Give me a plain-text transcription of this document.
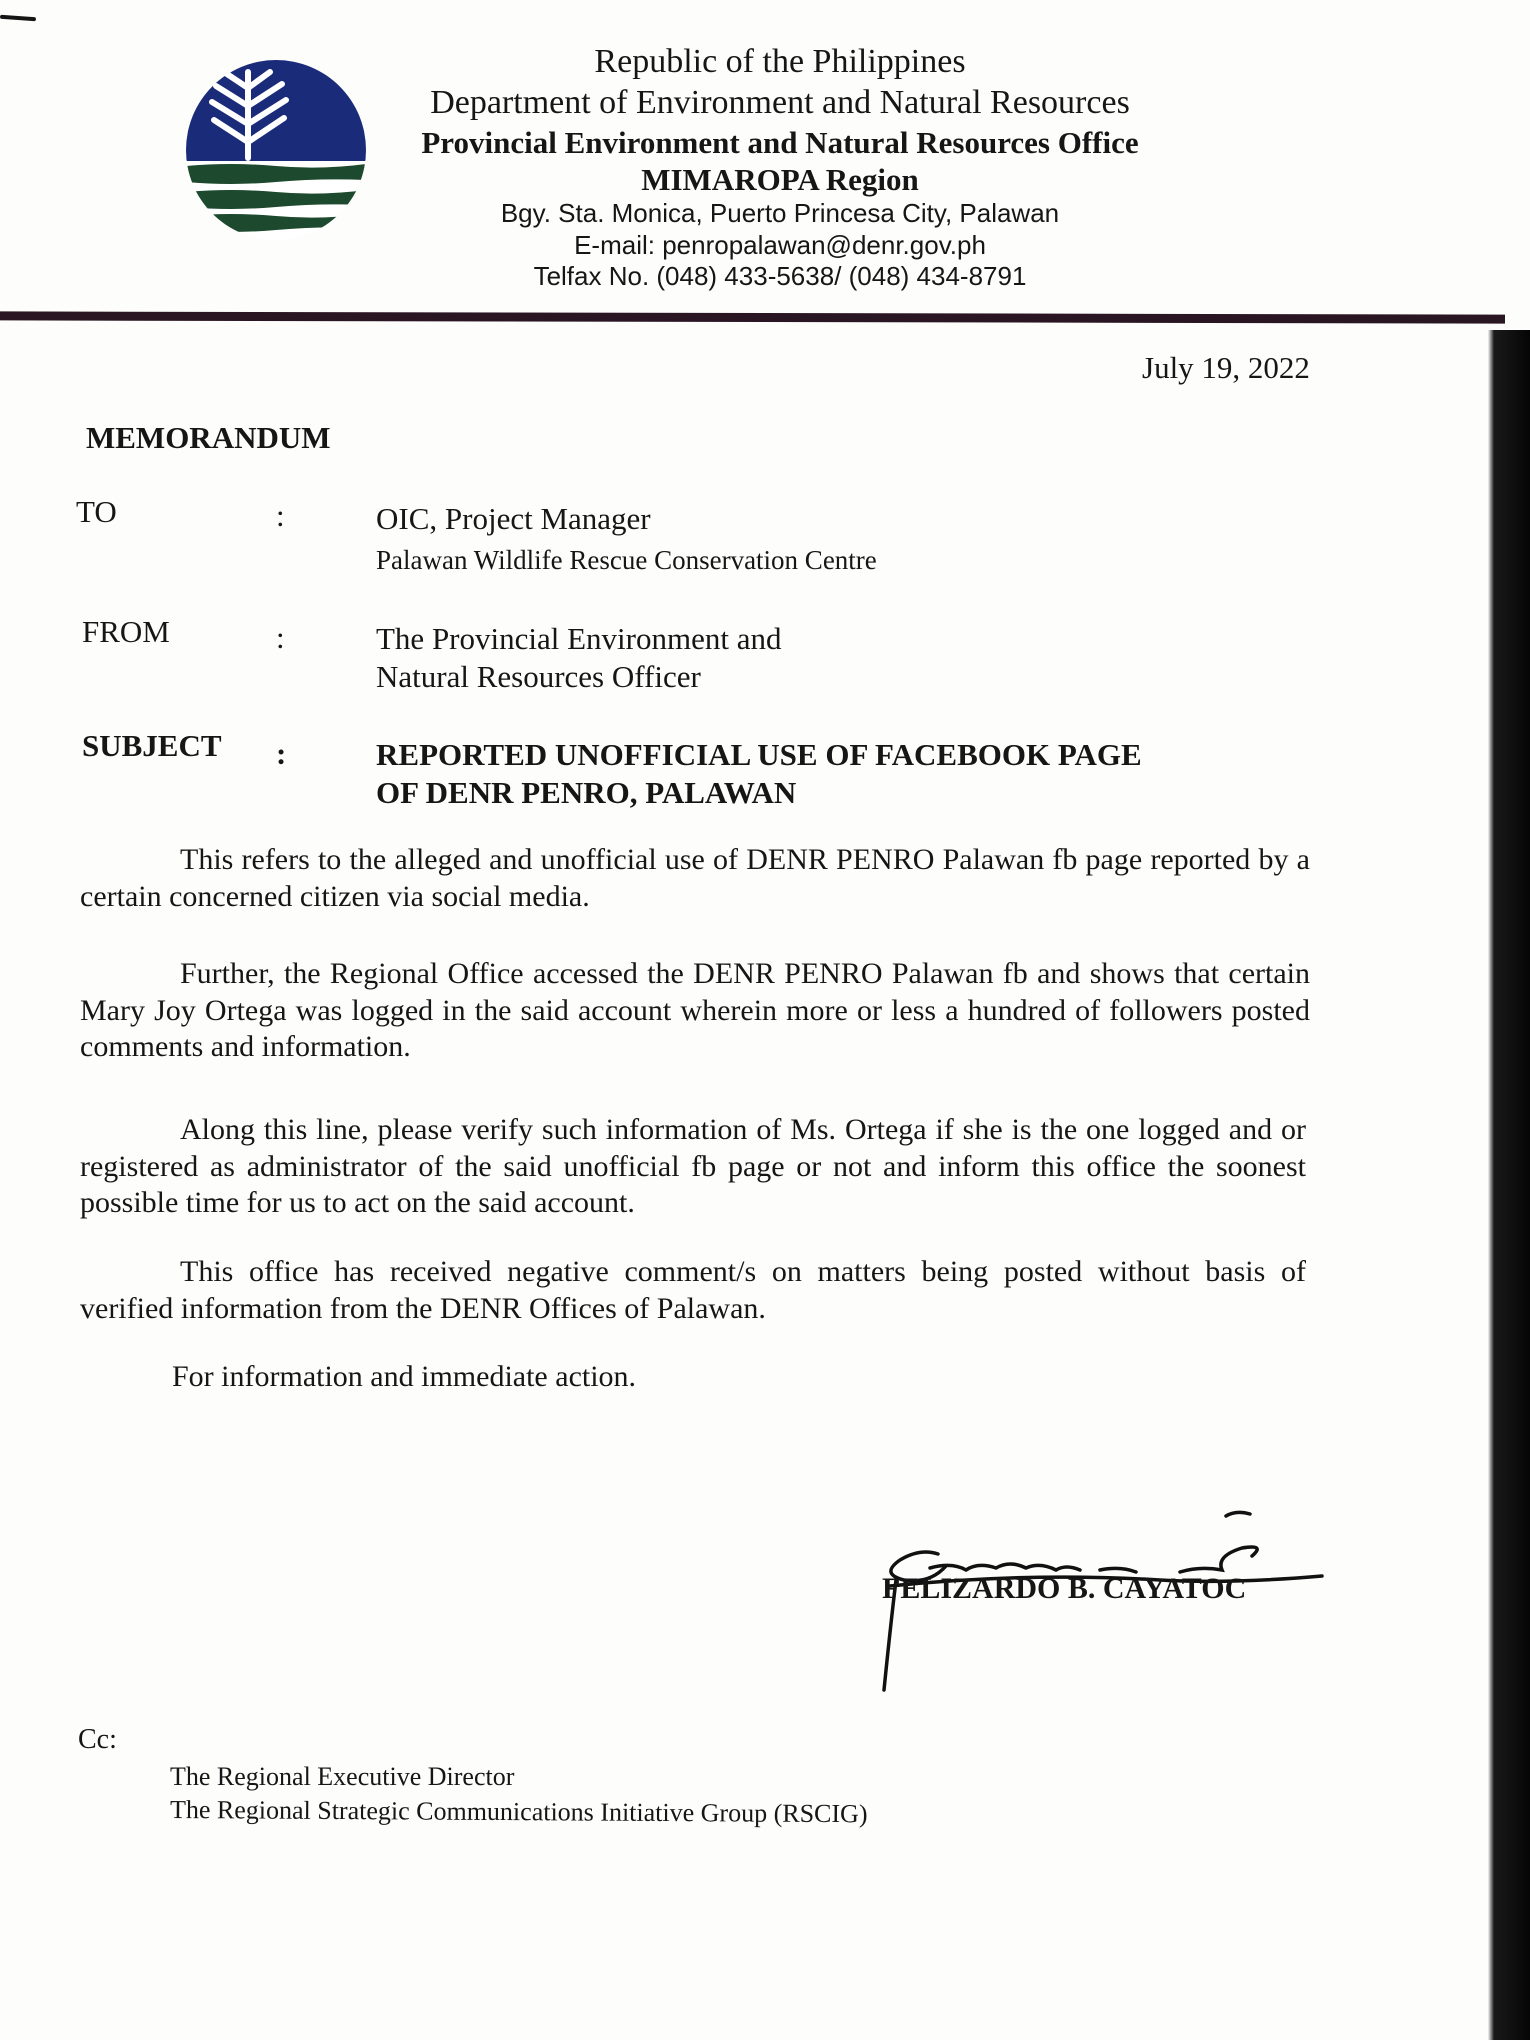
Republic of the Philippines
Department of Environment and Natural Resources
Provincial Environment and Natural Resources Office
MIMAROPA Region
Bgy. Sta. Monica, Puerto Princesa City, Palawan
E-mail: penropalawan@denr.gov.ph
Telfax No. (048) 433-5638/ (048) 434-8791
July 19, 2022
MEMORANDUM
TO	:	OIC, Project Manager
Palawan Wildlife Rescue Conservation Centre
FROM	:	The Provincial Environment and
Natural Resources Officer
SUBJECT :	REPORTED UNOFFICIAL USE OF FACEBOOK PAGE
OF DENR PENRO, PALAWAN
This refers to the alleged and unofficial use of DENR PENRO Palawan fb page reported by a certain concerned citizen via social media.
Further, the Regional Office accessed the DENR PENRO Palawan fb and shows that certain Mary Joy Ortega was logged in the said account wherein more or less a hundred of followers posted comments and information.
Along this line, please verify such information of Ms. Ortega if she is the one logged and or registered as administrator of the said unofficial fb page or not and inform this office the soonest possible time for us to act on the said account.
This office has received negative comment/s on matters being posted without basis of verified information from the DENR Offices of Palawan.
For information and immediate action.
FELIZARDO B. CAYATOC
Cc:
The Regional Executive Director
The Regional Strategic Communications Initiative Group (RSCIG)
